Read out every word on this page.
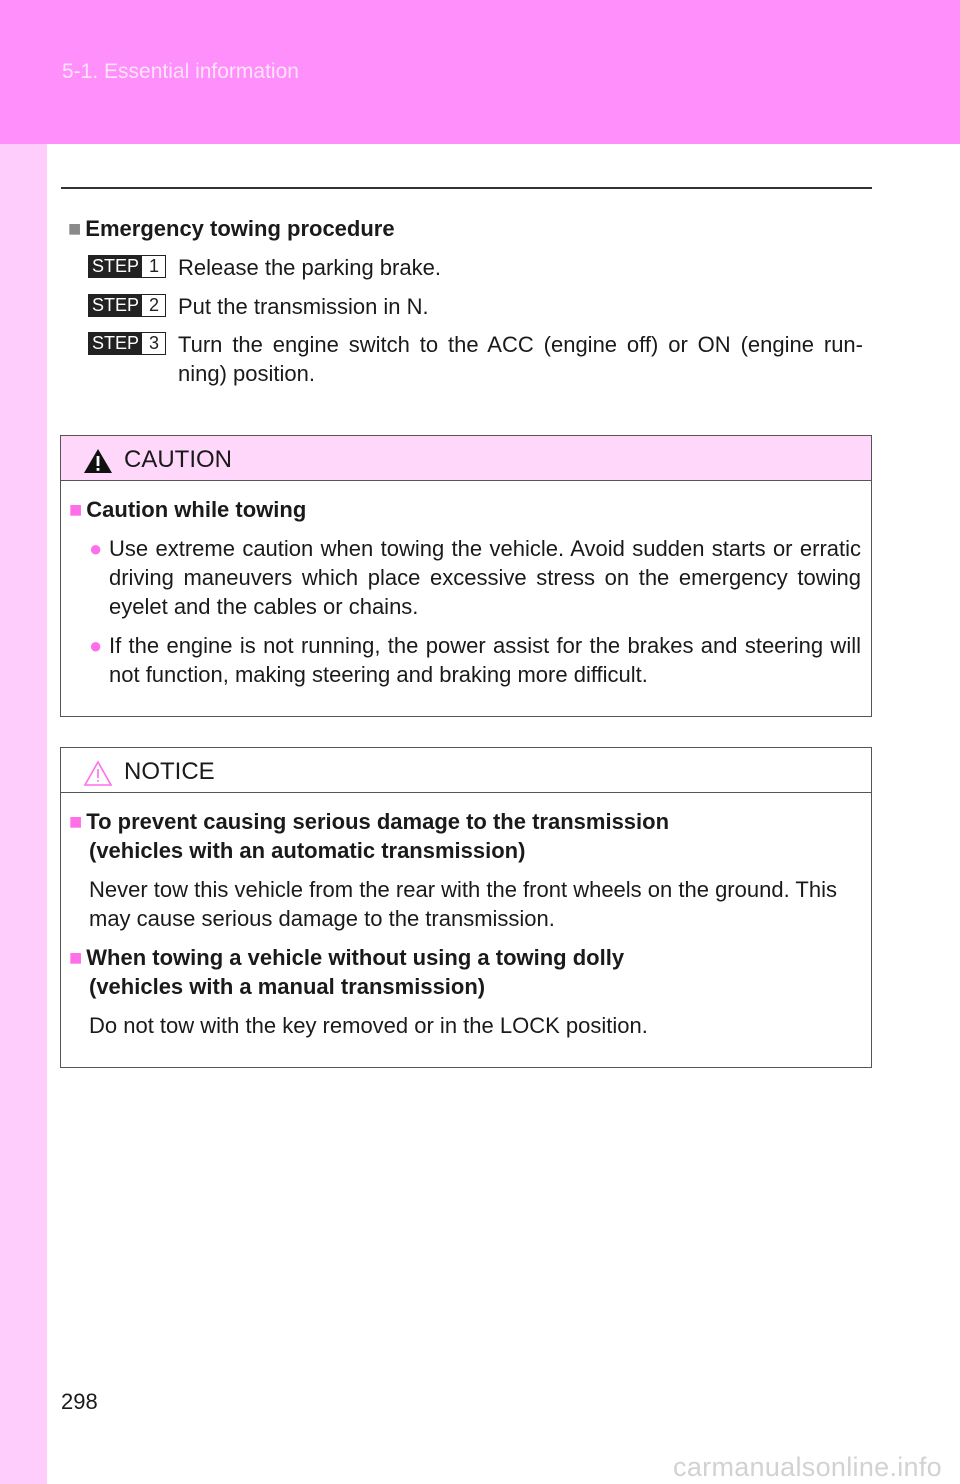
5-1. Essential information
■ Emergency towing procedure
STEP 1 Release the parking brake.
STEP 2 Put the transmission in N.
STEP 3 Turn the engine switch to the ACC (engine off) or ON (engine run-ning) position.
CAUTION
■ Caution while towing
● Use extreme caution when towing the vehicle. Avoid sudden starts or erratic driving maneuvers which place excessive stress on the emergency towing eyelet and the cables or chains.
● If the engine is not running, the power assist for the brakes and steering will not function, making steering and braking more difficult.
NOTICE
■ To prevent causing serious damage to the transmission
(vehicles with an automatic transmission)
Never tow this vehicle from the rear with the front wheels on the ground. This may cause serious damage to the transmission.
■ When towing a vehicle without using a towing dolly
(vehicles with a manual transmission)
Do not tow with the key removed or in the LOCK position.
298
carmanualsonline.info
